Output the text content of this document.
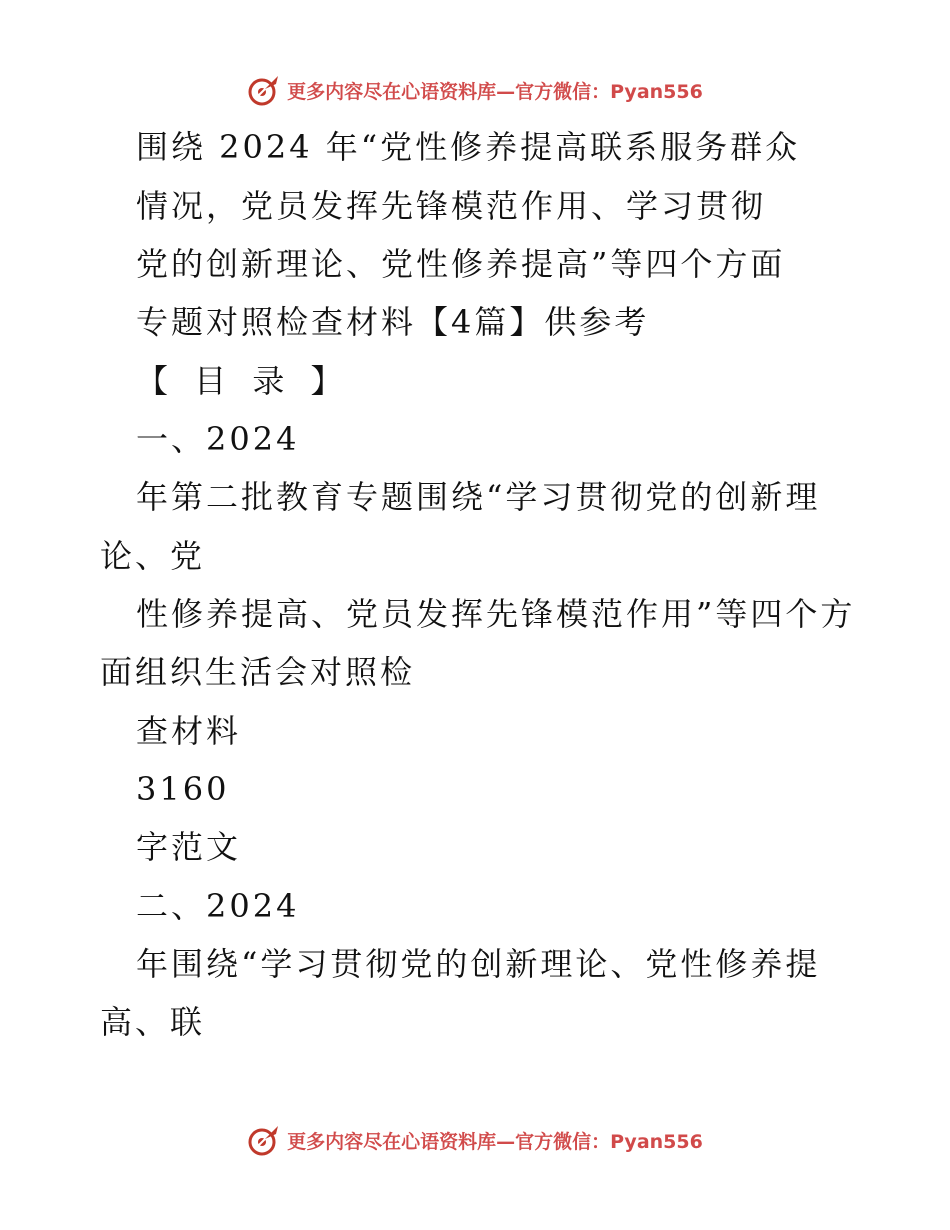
更多内容尽在心语资料库—官方微信：Pyan556
围绕 2024 年“党性修养提高联系服务群众
情况，党员发挥先锋模范作用、学习贯彻
党的创新理论、党性修养提高”等四个方面
专题对照检查材料【4篇】供参考
【 目 录 】
一、2024
年第二批教育专题围绕“学习贯彻党的创新理
论、党
性修养提高、党员发挥先锋模范作用”等四个方
面组织生活会对照检
查材料
3160
字范文
二、2024
年围绕“学习贯彻党的创新理论、党性修养提
高、联
更多内容尽在心语资料库—官方微信：Pyan556
